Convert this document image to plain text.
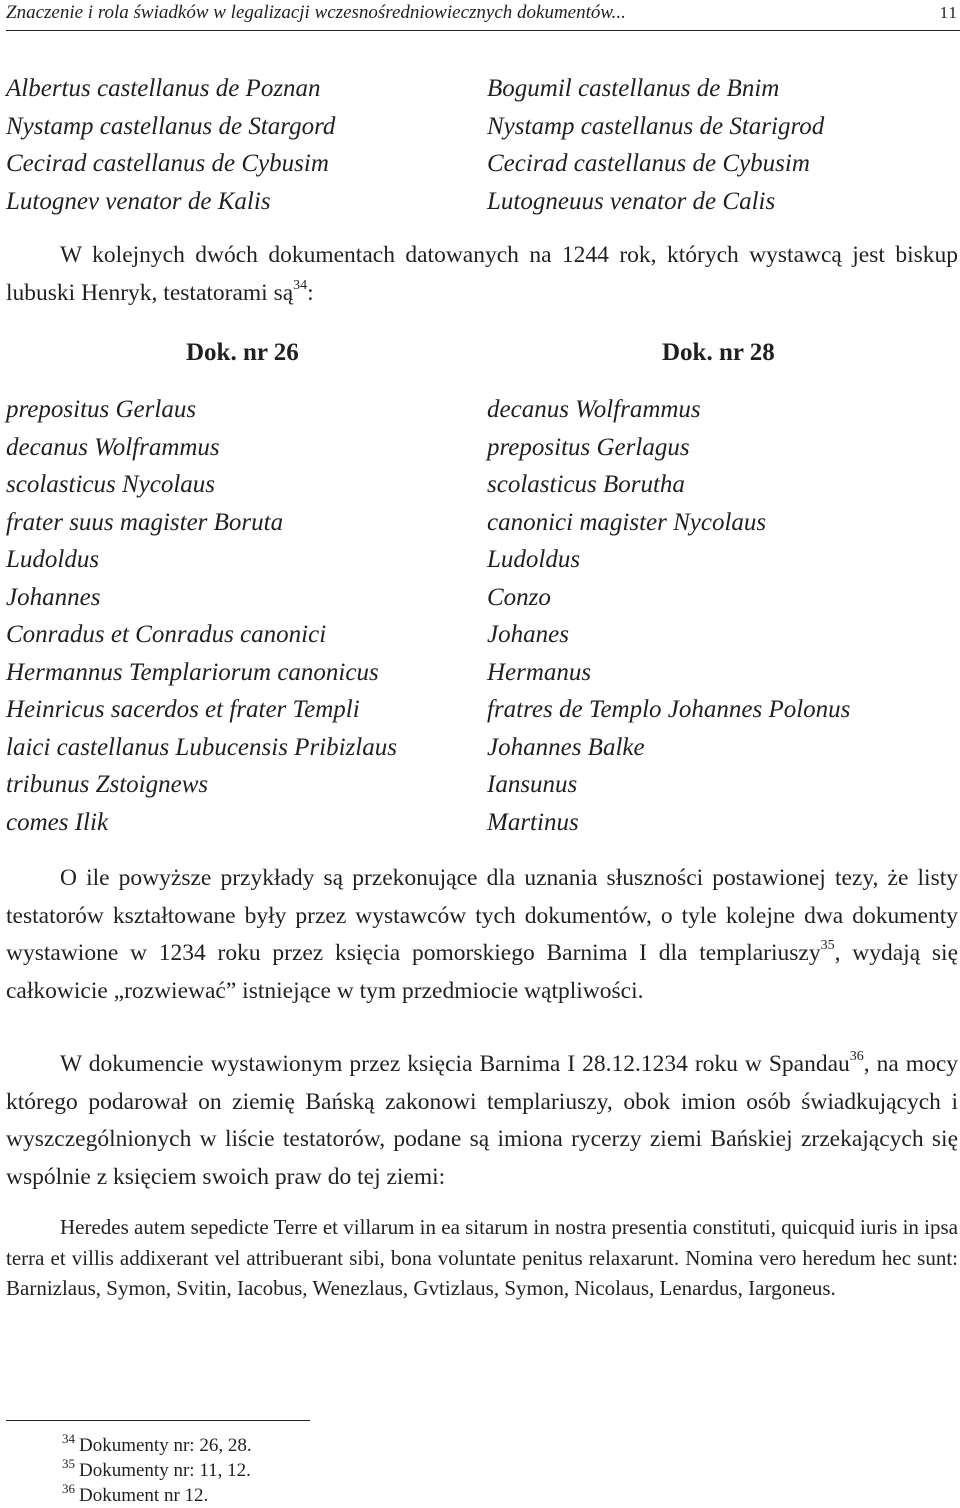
Znaczenie i rola świadków w legalizacji wczesnośredniowiecznych dokumentów...	11
Albertus castellanus de Poznan
Nystamp castellanus de Stargord
Cecirad castellanus de Cybusim
Lutognev venator de Kalis
Bogumil castellanus de Bnim
Nystamp castellanus de Starigrod
Cecirad castellanus de Cybusim
Lutogneuus venator de Calis

W kolejnych dwóch dokumentach datowanych na 1244 rok, których wystawcą jest biskup lubuski Henryk, testatorami $są^{34}$:

Dok. nr 26	Dok. nr 28
prepositus Gerlaus
decanus Wolframmus
scolasticus Nycolaus
frater suus magister Boruta
Ludoldus
Johannes
Conradus et Conradus canonici
Hermannus Templariorum canonicus
Heinricus sacerdos et frater Templi
laici castellanus Lubucensis Pribizlaus
tribunus Zstoignews
comes Ilik
decanus Wolframmus
prepositus Gerlagus
scolasticus Borutha
canonici magister Nycolaus
Ludoldus
Conzo
Johanes
Hermanus
fratres de Templo Johannes Polonus
Johannes Balke
Iansunus
Martinus

O ile powyższe przykłady są przekonujące dla uznania słuszności postawionej tezy, że listy testatorów kształtowane były przez wystawców tych dokumentów, o tyle kolejne dwa dokumenty wystawione w 1234 roku przez księcia pomorskiego Barnima I dla templariuszy$^{35}$, wydają się całkowicie „rozwiewać” istniejące w tym przedmiocie wątpliwości.

W dokumencie wystawionym przez księcia Barnima I 28.12.1234 roku w Spandau$^{36}$, na mocy którego podarował on ziemię Bańską zakonowi templariuszy, obok imion osób świadkujących i wyszczególnionych w liście testatorów, podane są imiona rycerzy ziemi Bańskiej zrzekających się wspólnie z księciem swoich praw do tej ziemi:

Heredes autem sepedicte Terre et villarum in ea sitarum in nostra presentia constituti, quicquid iuris in ipsa terra et villis addixerant vel attribuerant sibi, bona voluntate penitus relaxarunt. Nomina vero heredum hec sunt: Barnizlaus, Symon, Svitin, Iacobus, Wenezlaus, Gvtizlaus, Symon, Nicolaus, Lenardus, Iargoneus.

$^{34}$ Dokumenty nr: 26, 28.
$^{35}$ Dokumenty nr: 11, 12.
$^{36}$ Dokument nr 12.
